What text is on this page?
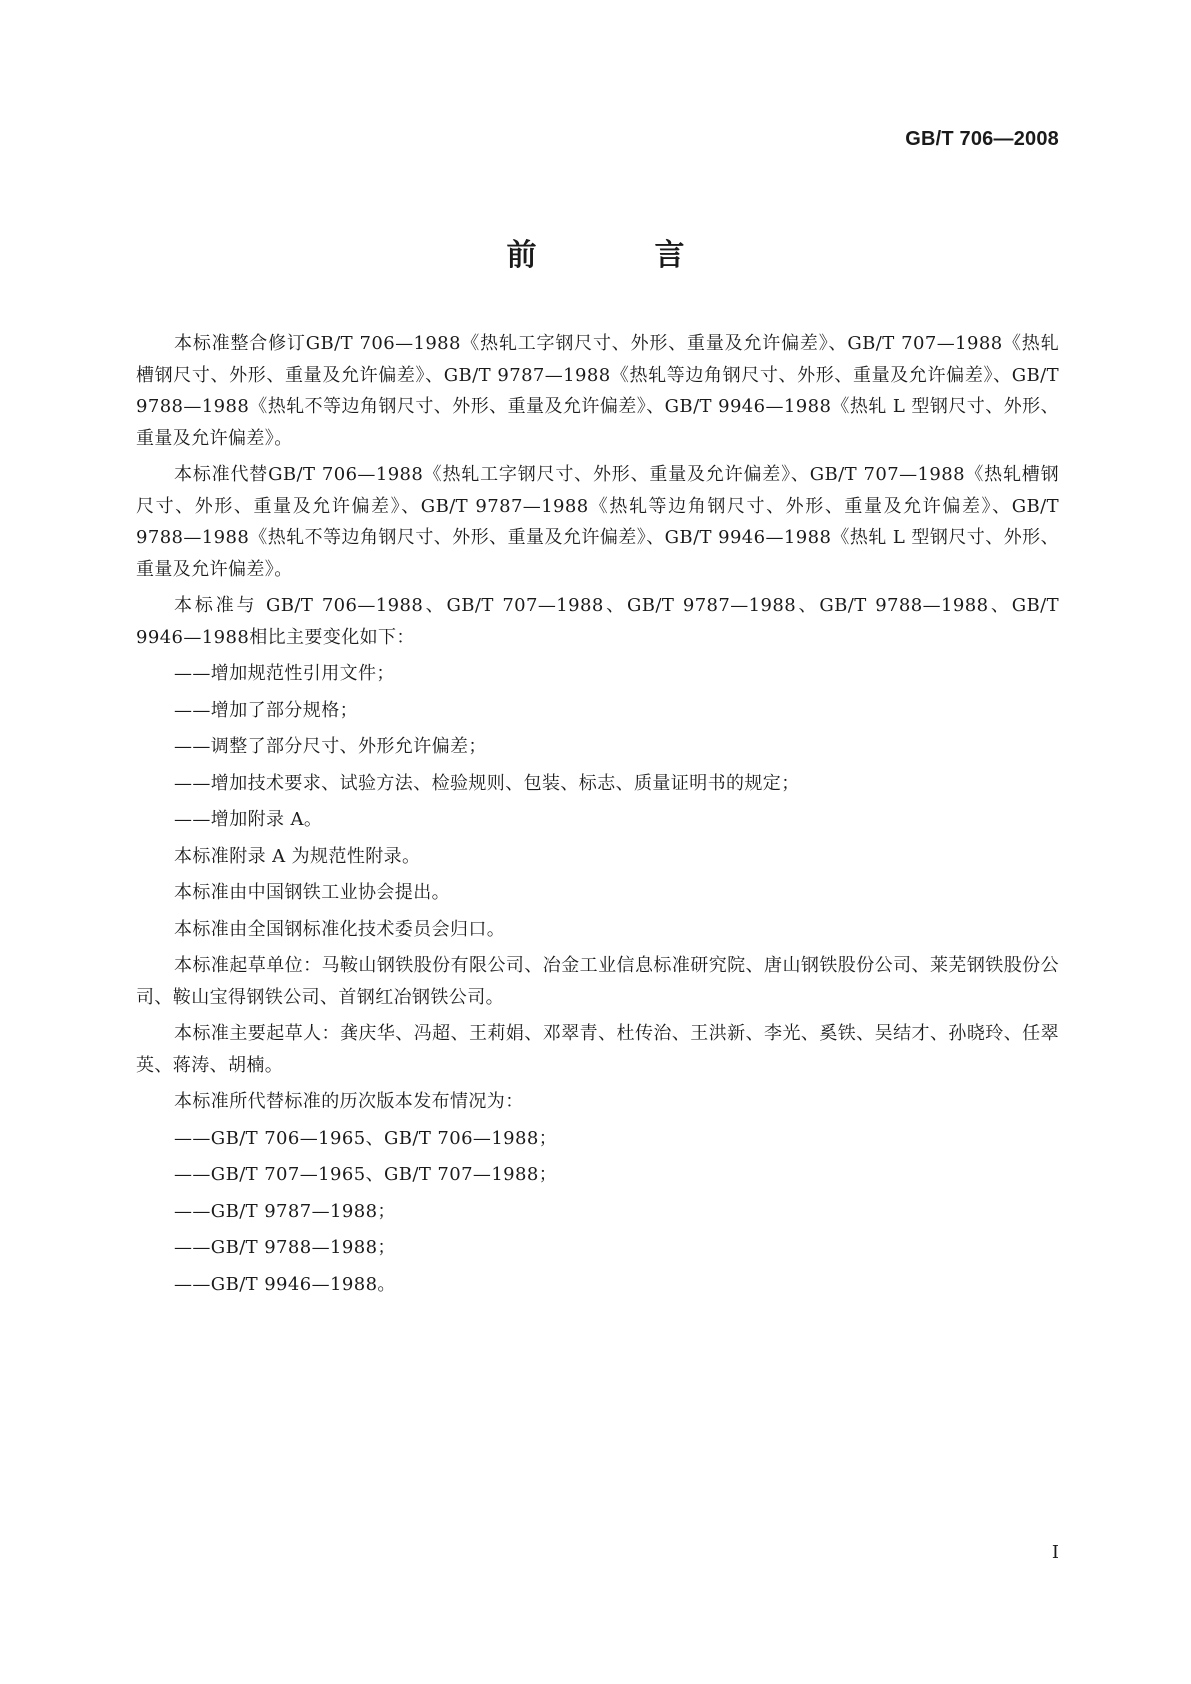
GB/T 706—2008
前　言

本标准整合修订GB/T 706—1988《热轧工字钢尺寸、外形、重量及允许偏差》、GB/T 707—1988《热轧槽钢尺寸、外形、重量及允许偏差》、GB/T 9787—1988《热轧等边角钢尺寸、外形、重量及允许偏差》、GB/T 9788—1988《热轧不等边角钢尺寸、外形、重量及允许偏差》、GB/T 9946—1988《热轧 L 型钢尺寸、外形、重量及允许偏差》。

本标准代替GB/T 706—1988《热轧工字钢尺寸、外形、重量及允许偏差》、GB/T 707—1988《热轧槽钢尺寸、外形、重量及允许偏差》、GB/T 9787—1988《热轧等边角钢尺寸、外形、重量及允许偏差》、GB/T 9788—1988《热轧不等边角钢尺寸、外形、重量及允许偏差》、GB/T 9946—1988《热轧 L 型钢尺寸、外形、重量及允许偏差》。

本标准与 GB/T 706—1988、GB/T 707—1988、GB/T 9787—1988、GB/T 9788—1988、GB/T 9946—1988相比主要变化如下：

——增加规范性引用文件；

——增加了部分规格；

——调整了部分尺寸、外形允许偏差；

——增加技术要求、试验方法、检验规则、包装、标志、质量证明书的规定；

——增加附录 A。

本标准附录 A 为规范性附录。

本标准由中国钢铁工业协会提出。

本标准由全国钢标准化技术委员会归口。

本标准起草单位：马鞍山钢铁股份有限公司、冶金工业信息标准研究院、唐山钢铁股份公司、莱芜钢铁股份公司、鞍山宝得钢铁公司、首钢红冶钢铁公司。

本标准主要起草人：龚庆华、冯超、王莉娟、邓翠青、杜传治、王洪新、李光、奚铁、吴结才、孙晓玲、任翠英、蒋涛、胡楠。

本标准所代替标准的历次版本发布情况为：

——GB/T 706—1965、GB/T 706—1988；

——GB/T 707—1965、GB/T 707—1988；

——GB/T 9787—1988；

——GB/T 9788—1988；

——GB/T 9946—1988。

I
